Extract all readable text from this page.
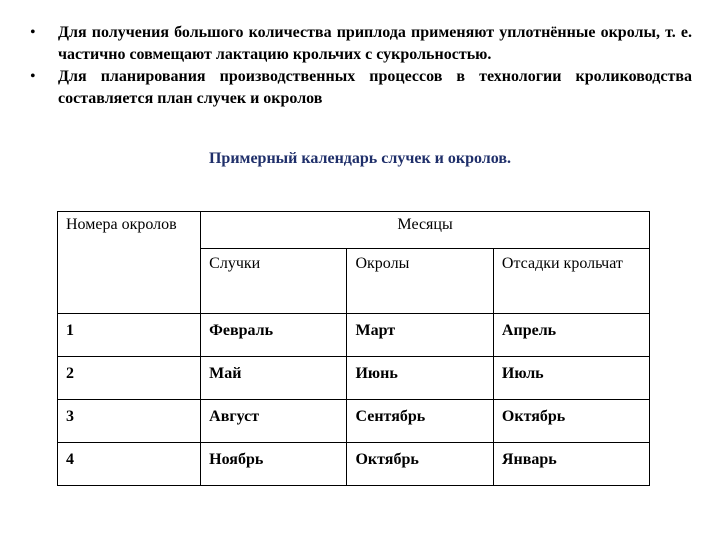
• Для получения большого количества приплода применяют уплотнённые окролы, т. е. частично совмещают лактацию крольчих с сукрольностью.
• Для планирования производственных процессов в технологии кролиководства составляется план случек и окролов
Примерный календарь случек и окролов.
Номера окролов	Месяцы		
	Случки	Окролы	Отсадки крольчат
1	Февраль	Март	Апрель
2	Май	Июнь	Июль
3	Август	Сентябрь	Октябрь
4	Ноябрь	Октябрь	Январь
